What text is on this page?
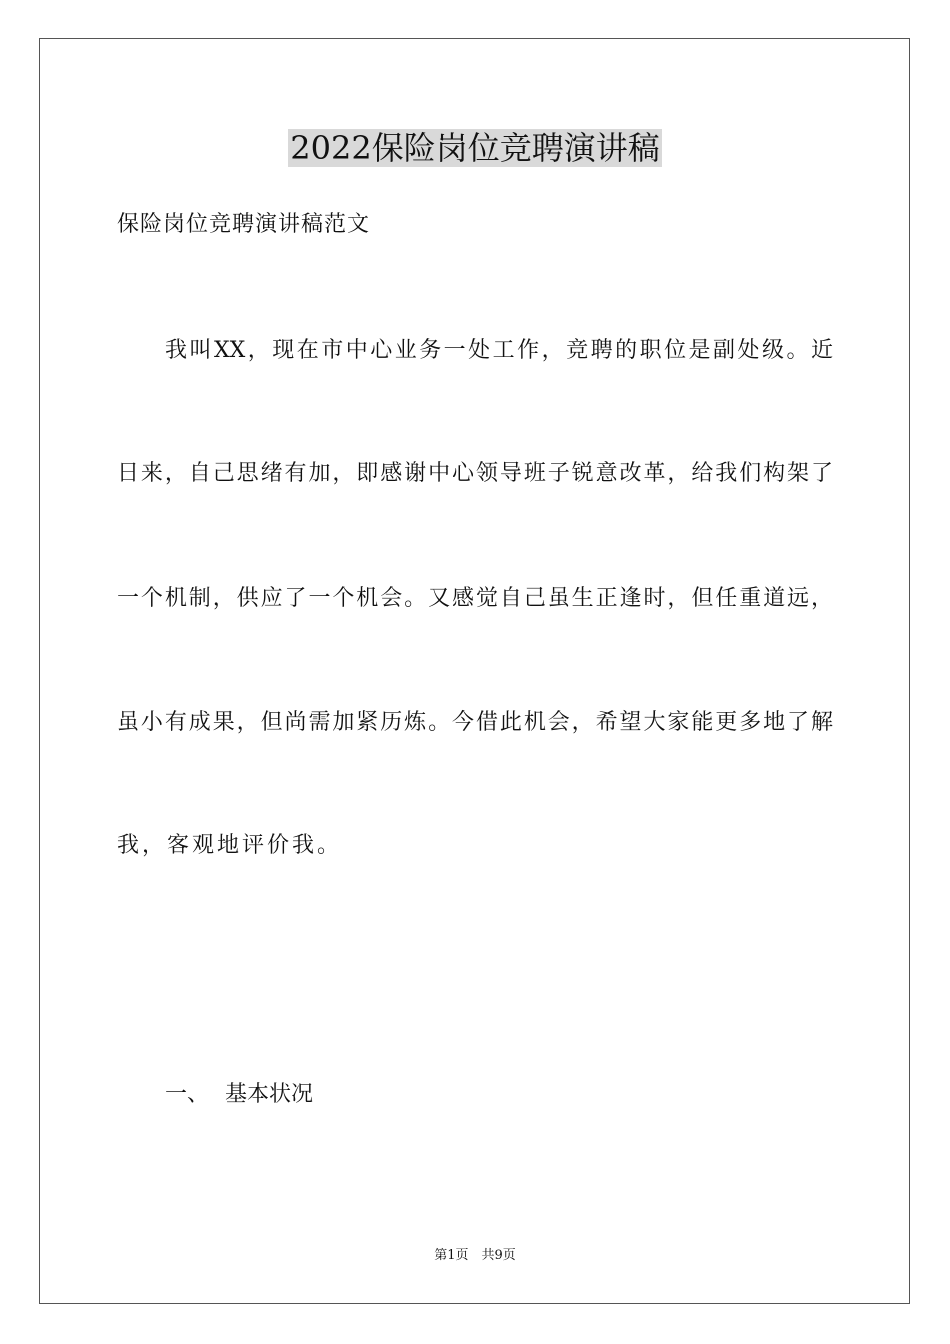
2022保险岗位竞聘演讲稿
保险岗位竞聘演讲稿范文
我叫XX，现在市中心业务一处工作，竞聘的职位是副处级。近
日来，自己思绪有加，即感谢中心领导班子锐意改革，给我们构架了
一个机制，供应了一个机会。又感觉自己虽生正逢时，但任重道远，
虽小有成果，但尚需加紧历炼。今借此机会，希望大家能更多地了解
我，客观地评价我。
一、 基本状况
第1页　共9页
